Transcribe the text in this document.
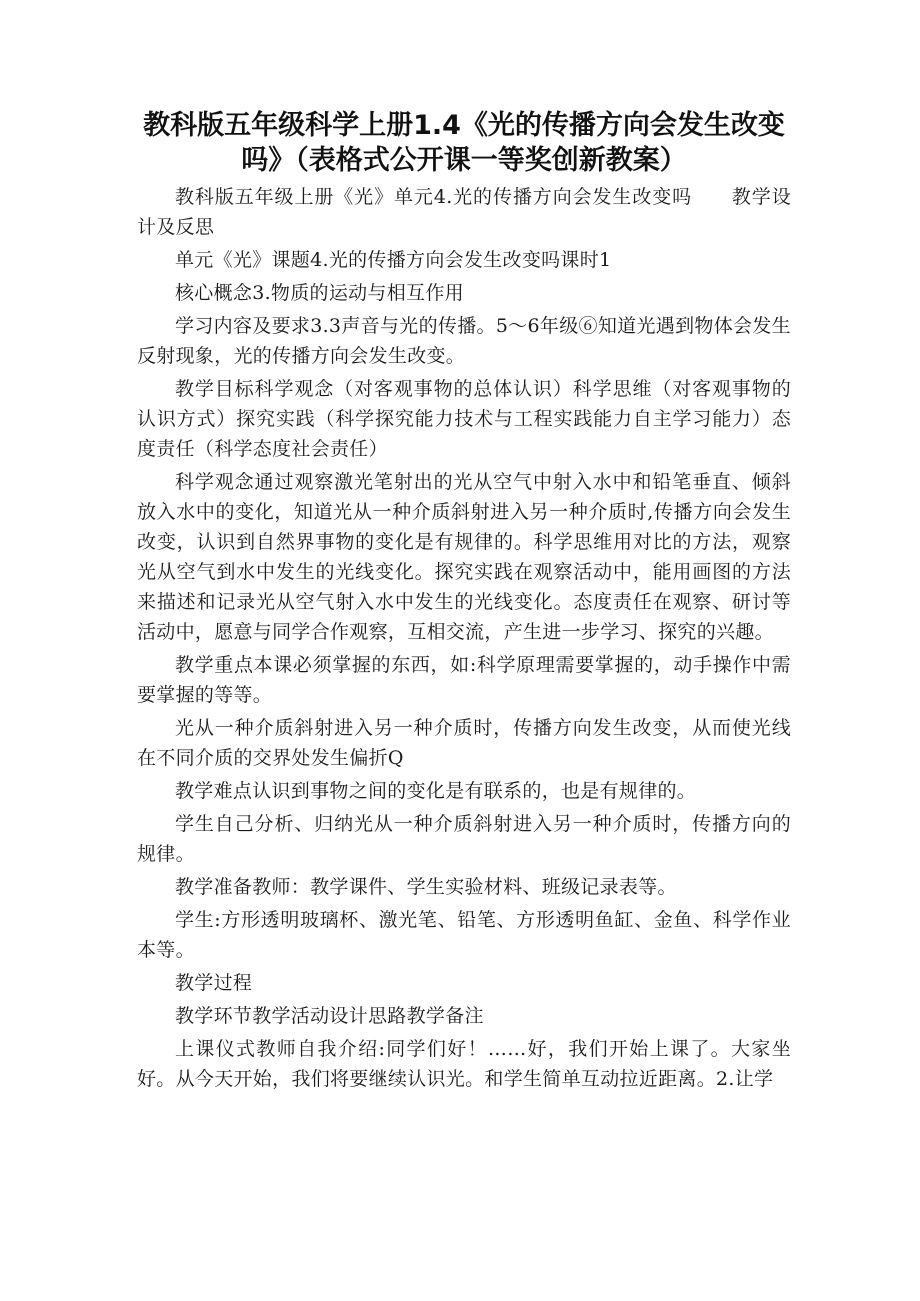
教科版五年级科学上册1.4《光的传播方向会发生改变
吗》（表格式公开课一等奖创新教案）

教科版五年级上册《光》单元4.光的传播方向会发生改变吗　　教学设计及反思

单元《光》课题4.光的传播方向会发生改变吗课时1

核心概念3.物质的运动与相互作用

学习内容及要求3.3声音与光的传播。5〜6年级⑥知道光遇到物体会发生反射现象，光的传播方向会发生改变。

教学目标科学观念（对客观事物的总体认识）科学思维（对客观事物的认识方式）探究实践（科学探究能力技术与工程实践能力自主学习能力）态度责任（科学态度社会责任）

科学观念通过观察激光笔射出的光从空气中射入水中和铅笔垂直、倾斜放入水中的变化，知道光从一种介质斜射进入另一种介质时,传播方向会发生改变，认识到自然界事物的变化是有规律的。科学思维用对比的方法，观察光从空气到水中发生的光线变化。探究实践在观察活动中，能用画图的方法来描述和记录光从空气射入水中发生的光线变化。态度责任在观察、研讨等活动中，愿意与同学合作观察，互相交流，产生进一步学习、探究的兴趣。

教学重点本课必须掌握的东西，如:科学原理需要掌握的，动手操作中需要掌握的等等。

光从一种介质斜射进入另一种介质时，传播方向发生改变，从而使光线在不同介质的交界处发生偏折Q

教学难点认识到事物之间的变化是有联系的，也是有规律的。

学生自己分析、归纳光从一种介质斜射进入另一种介质时，传播方向的规律。

教学准备教师：教学课件、学生实验材料、班级记录表等。

学生:方形透明玻璃杯、激光笔、铅笔、方形透明鱼缸、金鱼、科学作业本等。

教学过程

教学环节教学活动设计思路教学备注

上课仪式教师自我介绍:同学们好！……好，我们开始上课了。大家坐好。从今天开始，我们将要继续认识光。和学生简单互动拉近距离。2.让学
